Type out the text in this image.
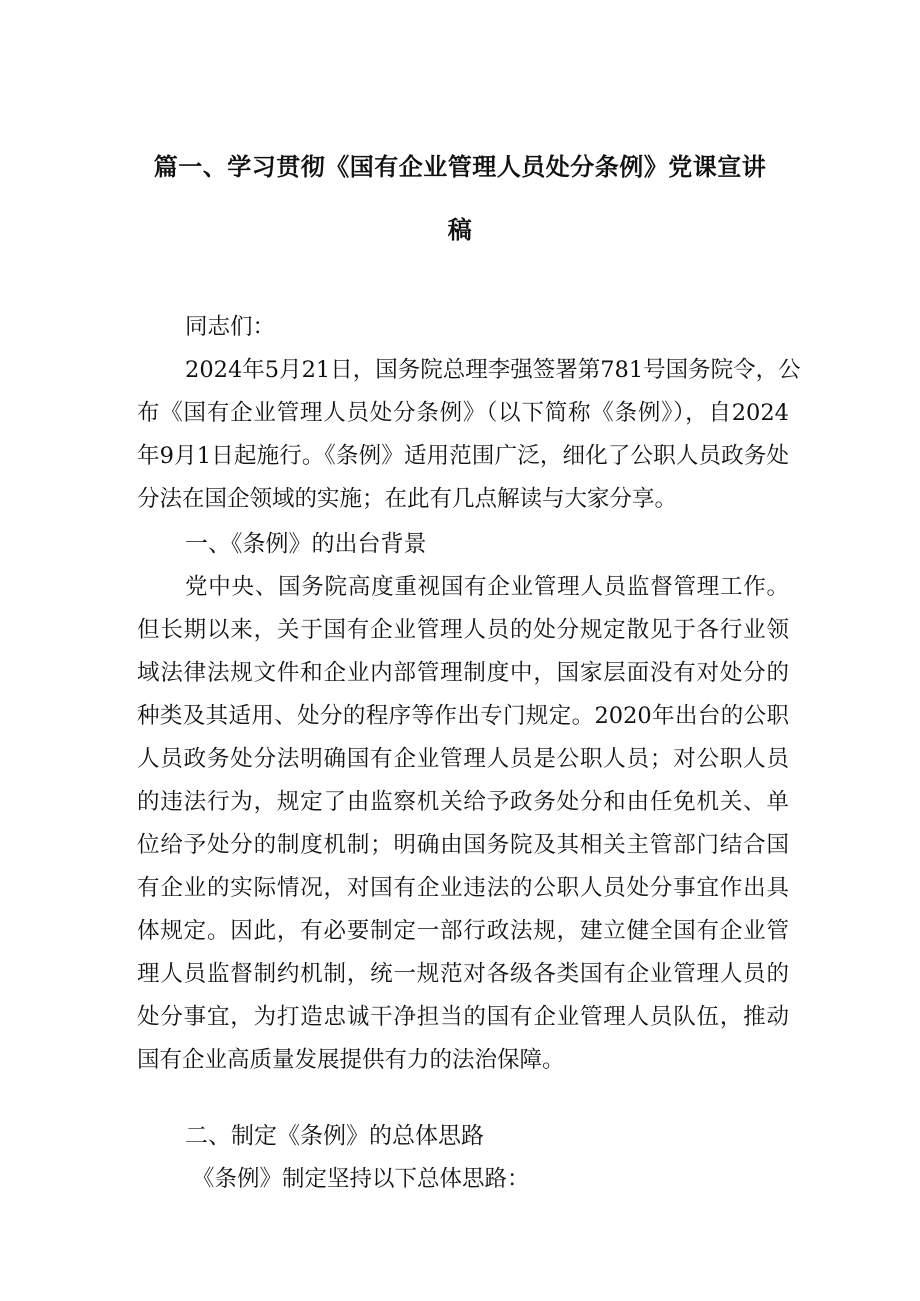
篇一、学习贯彻《国有企业管理人员处分条例》党课宣讲
稿
同志们：
2024年5月21日，国务院总理李强签署第781号国务院令，公
布《国有企业管理人员处分条例》（以下简称《条例》），自2024
年9月1日起施行。《条例》适用范围广泛，细化了公职人员政务处
分法在国企领域的实施；在此有几点解读与大家分享。
一、《条例》的出台背景
党中央、国务院高度重视国有企业管理人员监督管理工作。
但长期以来，关于国有企业管理人员的处分规定散见于各行业领
域法律法规文件和企业内部管理制度中，国家层面没有对处分的
种类及其适用、处分的程序等作出专门规定。2020年出台的公职
人员政务处分法明确国有企业管理人员是公职人员；对公职人员
的违法行为，规定了由监察机关给予政务处分和由任免机关、单
位给予处分的制度机制；明确由国务院及其相关主管部门结合国
有企业的实际情况，对国有企业违法的公职人员处分事宜作出具
体规定。因此，有必要制定一部行政法规，建立健全国有企业管
理人员监督制约机制，统一规范对各级各类国有企业管理人员的
处分事宜，为打造忠诚干净担当的国有企业管理人员队伍，推动
国有企业高质量发展提供有力的法治保障。
二、制定《条例》的总体思路
《条例》制定坚持以下总体思路：
